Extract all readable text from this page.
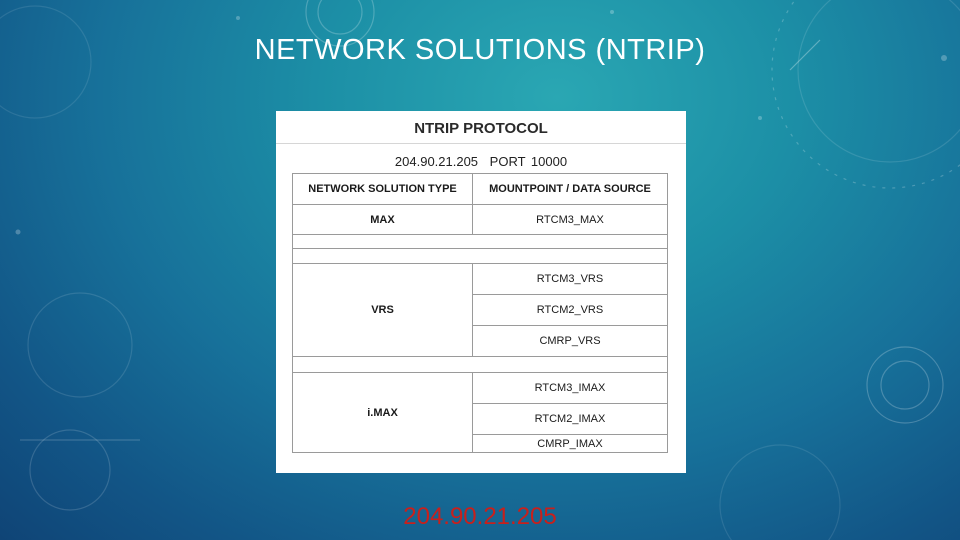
NETWORK SOLUTIONS (NTRIP)
NTRIP PROTOCOL
204.90.21.205 PORT 10000
NETWORK SOLUTION TYPE	MOUNTPOINT / DATA SOURCE
MAX	RTCM3_MAX
VRS
RTCM3_VRS
RTCM2_VRS
CMRP_VRS
i.MAX
RTCM3_IMAX
RTCM2_IMAX
CMRP_IMAX
204.90.21.205
